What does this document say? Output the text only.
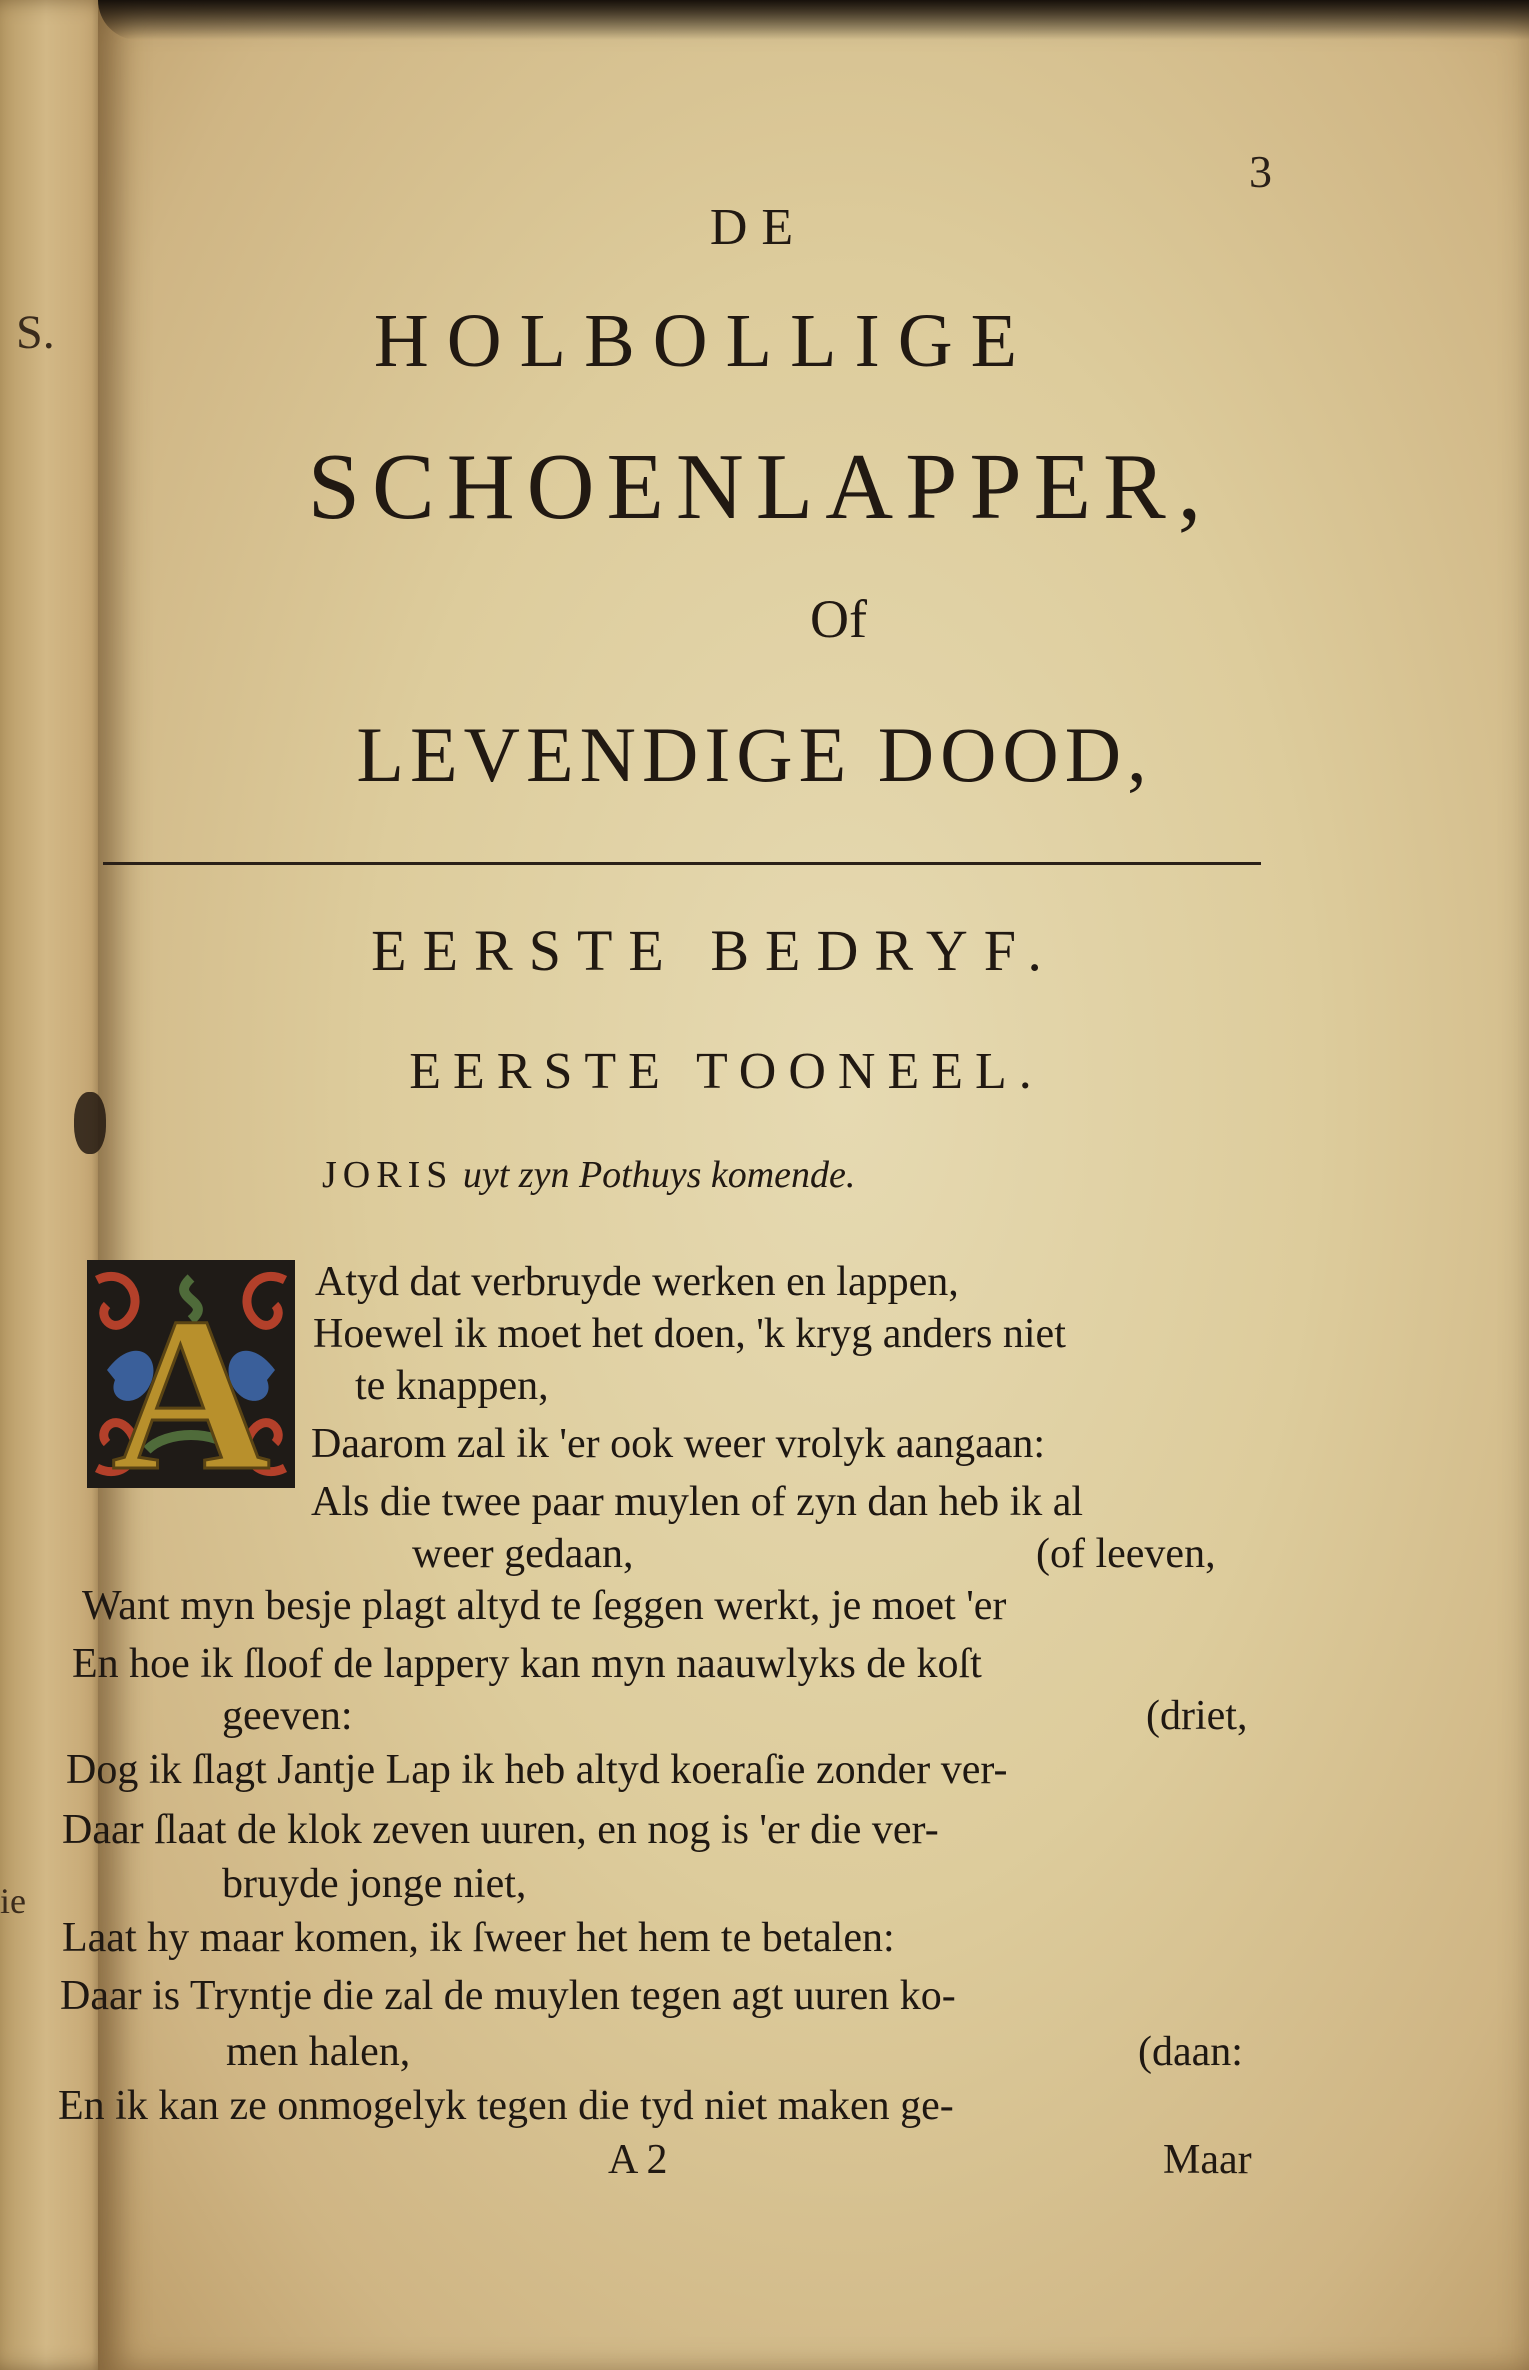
S.
ie
3
DE
HOLBOLLIGE
SCHOENLAPPER,
Of
LEVENDIGE DOOD,
EERSTE BEDRYF.
EERSTE TOONEEL.
JORIS uyt zyn Pothuys komende.
A Atyd dat verbruyde werken en lappen,
Hoewel ik moet het doen, 'k kryg anders niet
te knappen,
Daarom zal ik 'er ook weer vrolyk aangaan:
Als die twee paar muylen of zyn dan heb ik al
weer gedaan,	(of leeven,
Want myn besje plagt altyd te ſeggen werkt, je moet 'er
En hoe ik ſloof de lappery kan myn naauwlyks de koſt
geeven:	(driet,
Dog ik ſlagt Jantje Lap ik heb altyd koeraſie zonder ver-
Daar ſlaat de klok zeven uuren, en nog is 'er die ver-
bruyde jonge niet,
Laat hy maar komen, ik ſweer het hem te betalen:
Daar is Tryntje die zal de muylen tegen agt uuren ko-
men halen,	(daan:
En ik kan ze onmogelyk tegen die tyd niet maken ge-
A 2	Maar
